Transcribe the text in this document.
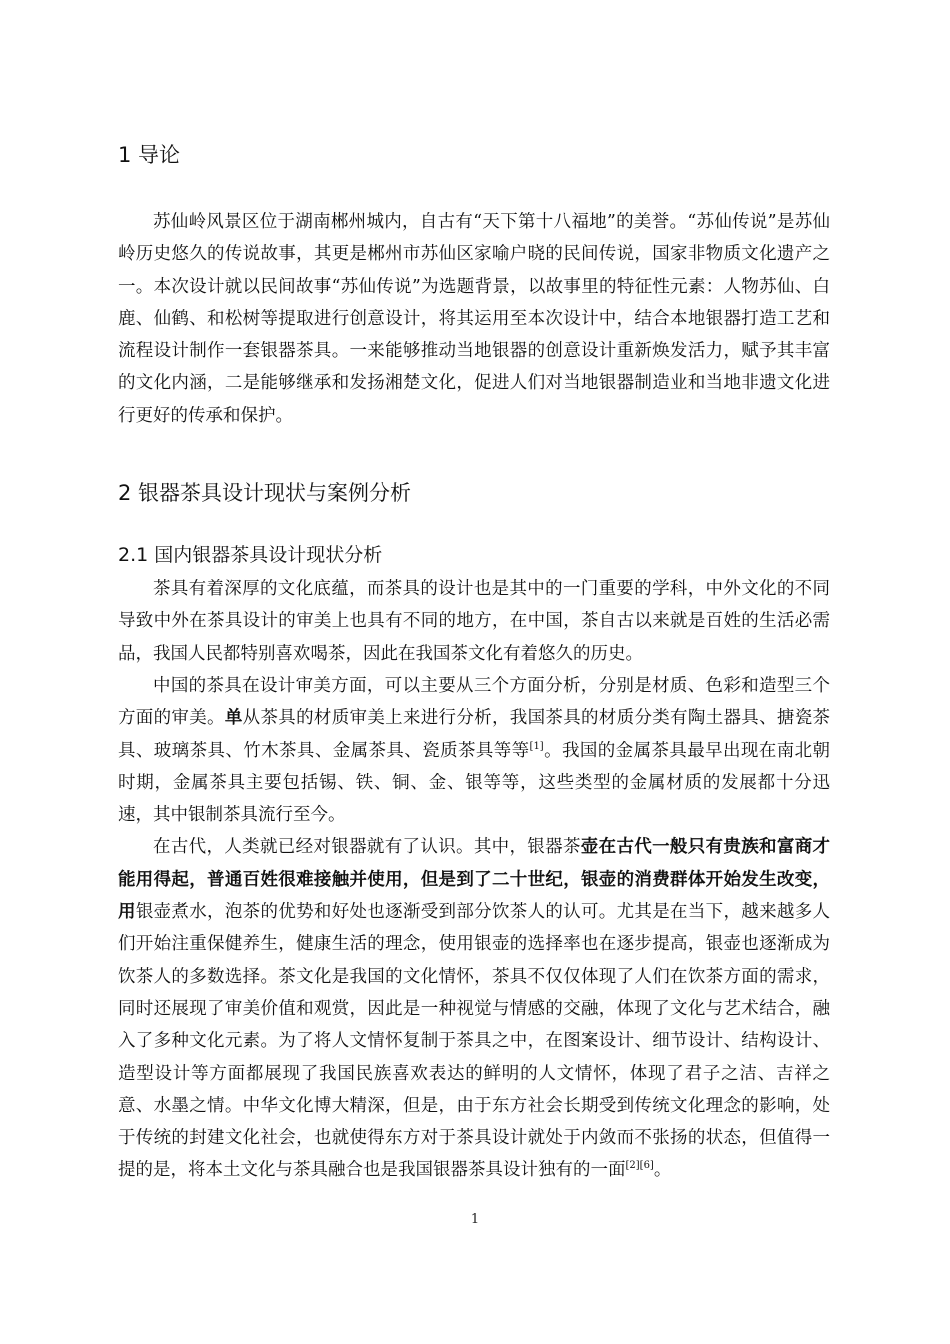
1 导论

苏仙岭风景区位于湖南郴州城内，自古有“天下第十八福地”的美誉。“苏仙传说”是苏仙岭历史悠久的传说故事，其更是郴州市苏仙区家喻户晓的民间传说，国家非物质文化遗产之一。本次设计就以民间故事“苏仙传说”为选题背景，以故事里的特征性元素：人物苏仙、白鹿、仙鹤、和松树等提取进行创意设计，将其运用至本次设计中，结合本地银器打造工艺和流程设计制作一套银器茶具。一来能够推动当地银器的创意设计重新焕发活力，赋予其丰富的文化内涵，二是能够继承和发扬湘楚文化，促进人们对当地银器制造业和当地非遗文化进行更好的传承和保护。

2 银器茶具设计现状与案例分析
2.1 国内银器茶具设计现状分析

茶具有着深厚的文化底蕴，而茶具的设计也是其中的一门重要的学科，中外文化的不同导致中外在茶具设计的审美上也具有不同的地方，在中国，茶自古以来就是百姓的生活必需品，我国人民都特别喜欢喝茶，因此在我国茶文化有着悠久的历史。

中国的茶具在设计审美方面，可以主要从三个方面分析，分别是材质、色彩和造型三个方面的审美。单从茶具的材质审美上来进行分析，我国茶具的材质分类有陶土器具、搪瓷茶具、玻璃茶具、竹木茶具、金属茶具、瓷质茶具等等[1]。我国的金属茶具最早出现在南北朝时期，金属茶具主要包括锡、铁、铜、金、银等等，这些类型的金属材质的发展都十分迅速，其中银制茶具流行至今。

在古代，人类就已经对银器就有了认识。其中，银器茶壶在古代一般只有贵族和富商才能用得起，普通百姓很难接触并使用，但是到了二十世纪，银壶的消费群体开始发生改变，用银壶煮水，泡茶的优势和好处也逐渐受到部分饮茶人的认可。尤其是在当下，越来越多人们开始注重保健养生，健康生活的理念，使用银壶的选择率也在逐步提高，银壶也逐渐成为饮茶人的多数选择。茶文化是我国的文化情怀，茶具不仅仅体现了人们在饮茶方面的需求，同时还展现了审美价值和观赏，因此是一种视觉与情感的交融，体现了文化与艺术结合，融入了多种文化元素。为了将人文情怀复制于茶具之中，在图案设计、细节设计、结构设计、造型设计等方面都展现了我国民族喜欢表达的鲜明的人文情怀，体现了君子之洁、吉祥之意、水墨之情。中华文化博大精深，但是，由于东方社会长期受到传统文化理念的影响，处于传统的封建文化社会，也就使得东方对于茶具设计就处于内敛而不张扬的状态，但值得一提的是，将本土文化与茶具融合也是我国银器茶具设计独有的一面[2][6]。

1
